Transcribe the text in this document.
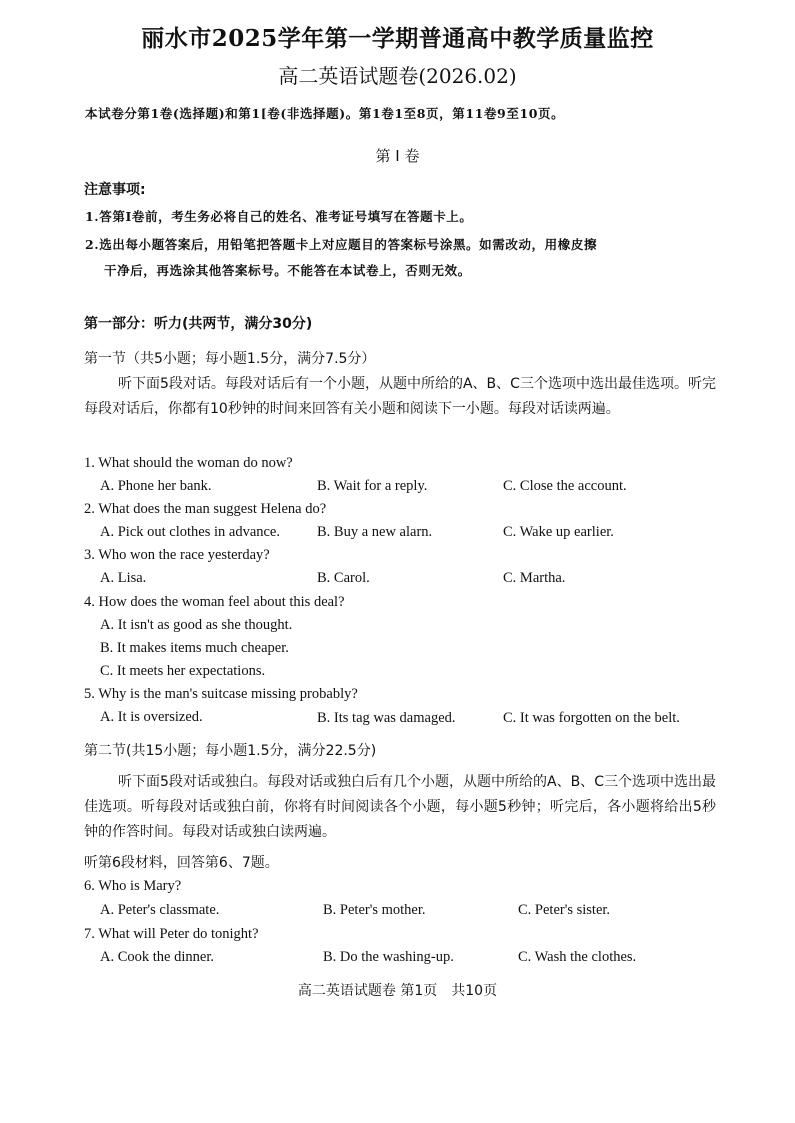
丽水市2025学年第一学期普通高中教学质量监控
高二英语试题卷(2026.02)
本试卷分第1卷(选择题)和第1[卷(非选择题)。第1卷1至8页，第11卷9至10页。
第 Ⅰ 卷
注意事项:
1.答第Ⅰ卷前，考生务必将自己的姓名、准考证号填写在答题卡上。
2.选出每小题答案后，用铅笔把答题卡上对应题目的答案标号涂黑。如需改动，用橡皮擦
干净后，再选涂其他答案标号。不能答在本试卷上，否则无效。
第一部分：听力(共两节，满分30分)
第一节（共5小题；每小题1.5分，满分7.5分）
听下面5段对话。每段对话后有一个小题，从题中所给的A、B、C三个选项中选出最佳选项。听完每段对话后，你都有10秒钟的时间来回答有关小题和阅读下一小题。每段对话读两遍。
1. What should the woman do now?
A. Phone her bank.	B. Wait for a reply.	C. Close the account.
2. What does the man suggest Helena do?
A. Pick out clothes in advance.	B. Buy a new alarn.	C. Wake up earlier.
3. Who won the race yesterday?
A. Lisa.	B. Carol.	C. Martha.
4. How does the woman feel about this deal?
A. It isn't as good as she thought.
B. It makes items much cheaper.
C. It meets her expectations.
5. Why is the man's suitcase missing probably?
A. It is oversized.	B. Its tag was damaged.	C. It was forgotten on the belt.
第二节(共15小题；每小题1.5分，满分22.5分)
听下面5段对话或独白。每段对话或独白后有几个小题，从题中所给的A、B、C三个选项中选出最佳选项。听每段对话或独白前，你将有时间阅读各个小题，每小题5秒钟；听完后，各小题将给出5秒钟的作答时间。每段对话或独白读两遍。
听第6段材料，回答第6、7题。
6. Who is Mary?
A. Peter's classmate.	B. Peter's mother.	C. Peter's sister.
7. What will Peter do tonight?
A. Cook the dinner.	B. Do the washing-up.	C. Wash the clothes.
高二英语试题卷 第1页　共10页
